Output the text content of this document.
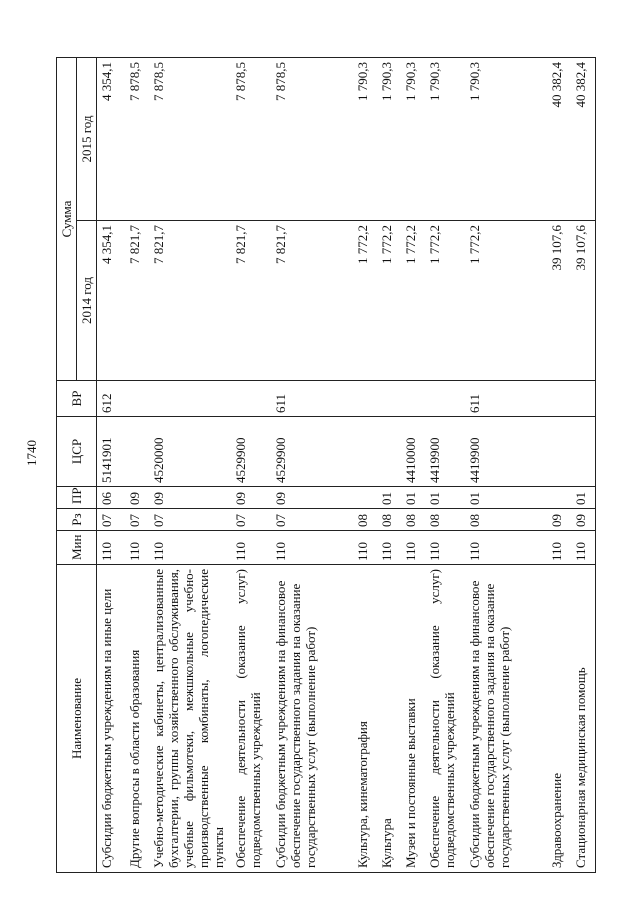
1740
Наименование	Мин	Рз	ПР	ЦСР	ВР	Сумма	
						2014 год	2015 год
Субсидии бюджетным учреждениям на иные цели	110	07	06	5141901	612	4 354,1	4 354,1
Другие вопросы в области образования	110	07	09			7 821,7	7 878,5
Учебно-методические кабинеты, централизованные бухгалтерии, группы хозяйственного обслуживания, учебные фильмотеки, межшкольные учебно-производственные комбинаты, логопедические пункты	110	07	09	4520000		7 821,7	7 878,5
Обеспечение деятельности (оказание услуг) подведомственных учреждений	110	07	09	4529900		7 821,7	7 878,5
Субсидии бюджетным учреждениям на финансовое обеспечение государственного задания на оказание государственных услуг (выполнение работ)	110	07	09	4529900	611	7 821,7	7 878,5
Культура, кинематография	110	08				1 772,2	1 790,3
Культура	110	08	01			1 772,2	1 790,3
Музеи и постоянные выставки	110	08	01	4410000		1 772,2	1 790,3
Обеспечение деятельности (оказание услуг) подведомственных учреждений	110	08	01	4419900		1 772,2	1 790,3
Субсидии бюджетным учреждениям на финансовое обеспечение государственного задания на оказание государственных услуг (выполнение работ)	110	08	01	4419900	611	1 772,2	1 790,3
Здравоохранение	110	09				39 107,6	40 382,4
Стационарная медицинская помощь	110	09	01			39 107,6	40 382,4
